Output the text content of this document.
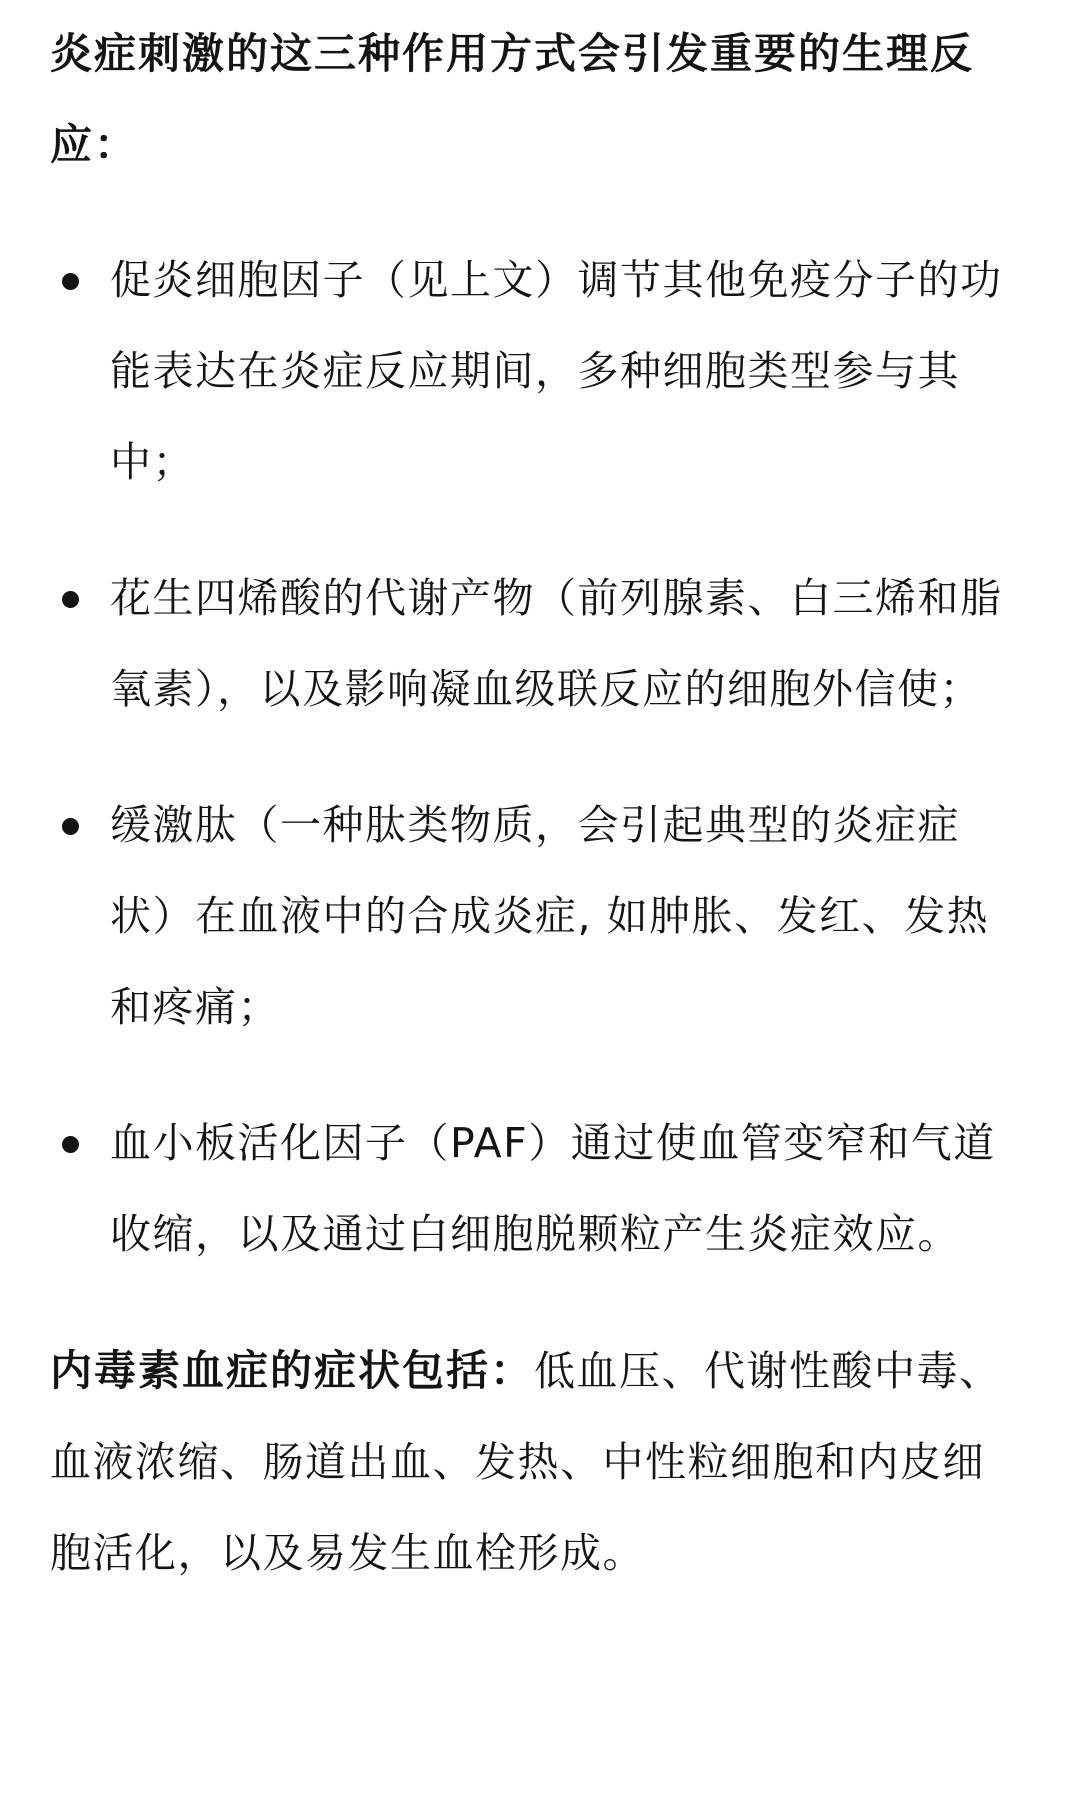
炎症刺激的这三种作用方式会引发重要的生理反应：

促炎细胞因子（见上文）调节其他免疫分子的功能表达在炎症反应期间，多种细胞类型参与其中；
花生四烯酸的代谢产物（前列腺素、白三烯和脂氧素），以及影响凝血级联反应的细胞外信使；
缓激肽（一种肽类物质，会引起典型的炎症症状）在血液中的合成炎症, 如肿胀、发红、发热和疼痛；
血小板活化因子（PAF）通过使血管变窄和气道收缩，以及通过白细胞脱颗粒产生炎症效应。

内毒素血症的症状包括：低血压、代谢性酸中毒、血液浓缩、肠道出血、发热、中性粒细胞和内皮细胞活化，以及易发生血栓形成。
